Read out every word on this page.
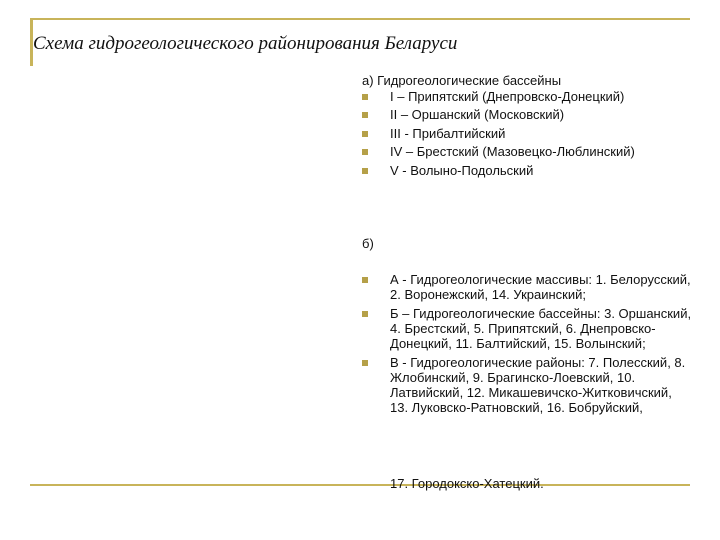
Схема гидрогеологического районирования Беларуси

а) Гидрогеологические бассейны

I – Припятский (Днепровско-Донецкий)
II – Оршанский (Московский)
III - Прибалтийский
IV – Брестский (Мазовецко-Люблинский)
V - Волыно-Подольский

б)

А - Гидрогеологические массивы: 1. Белорусский, 2. Воронежский, 14. Украинский;
Б – Гидрогеологические бассейны: 3. Оршанский, 4. Брестский, 5. Припятский, 6. Днепровско-Донецкий, 11. Балтийский, 15. Волынский;
В - Гидрогеологические районы: 7. Полесский, 8. Жлобинский, 9. Брагинско-Лоевский, 10. Латвийский, 12. Микашевичско-Житковичский, 13. Луковско-Ратновский, 16. Бобруйский,
17. Городокско-Хатецкий.
